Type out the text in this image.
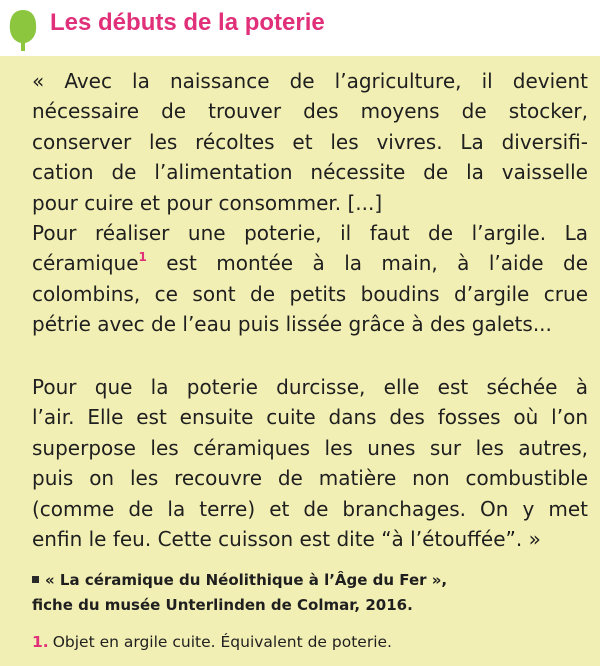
Les débuts de la poterie
« Avec la naissance de l’agriculture, il devient
nécessaire de trouver des moyens de stocker,
conserver les récoltes et les vivres. La diversifi-
cation de l’alimentation nécessite de la vaisselle
pour cuire et pour consommer. [...]
Pour réaliser une poterie, il faut de l’argile. La
céramique$^1$ est montée à la main, à l’aide de
colombins, ce sont de petits boudins d’argile crue
pétrie avec de l’eau puis lissée grâce à des galets...
Pour que la poterie durcisse, elle est séchée à
l’air. Elle est ensuite cuite dans des fosses où l’on
superpose les céramiques les unes sur les autres,
puis on les recouvre de matière non combustible
(comme de la terre) et de branchages. On y met
enfin le feu. Cette cuisson est dite “à l’étouffée”. »
« La céramique du Néolithique à l’Âge du Fer »,
fiche du musée Unterlinden de Colmar, 2016.
1. Objet en argile cuite. Équivalent de poterie.
